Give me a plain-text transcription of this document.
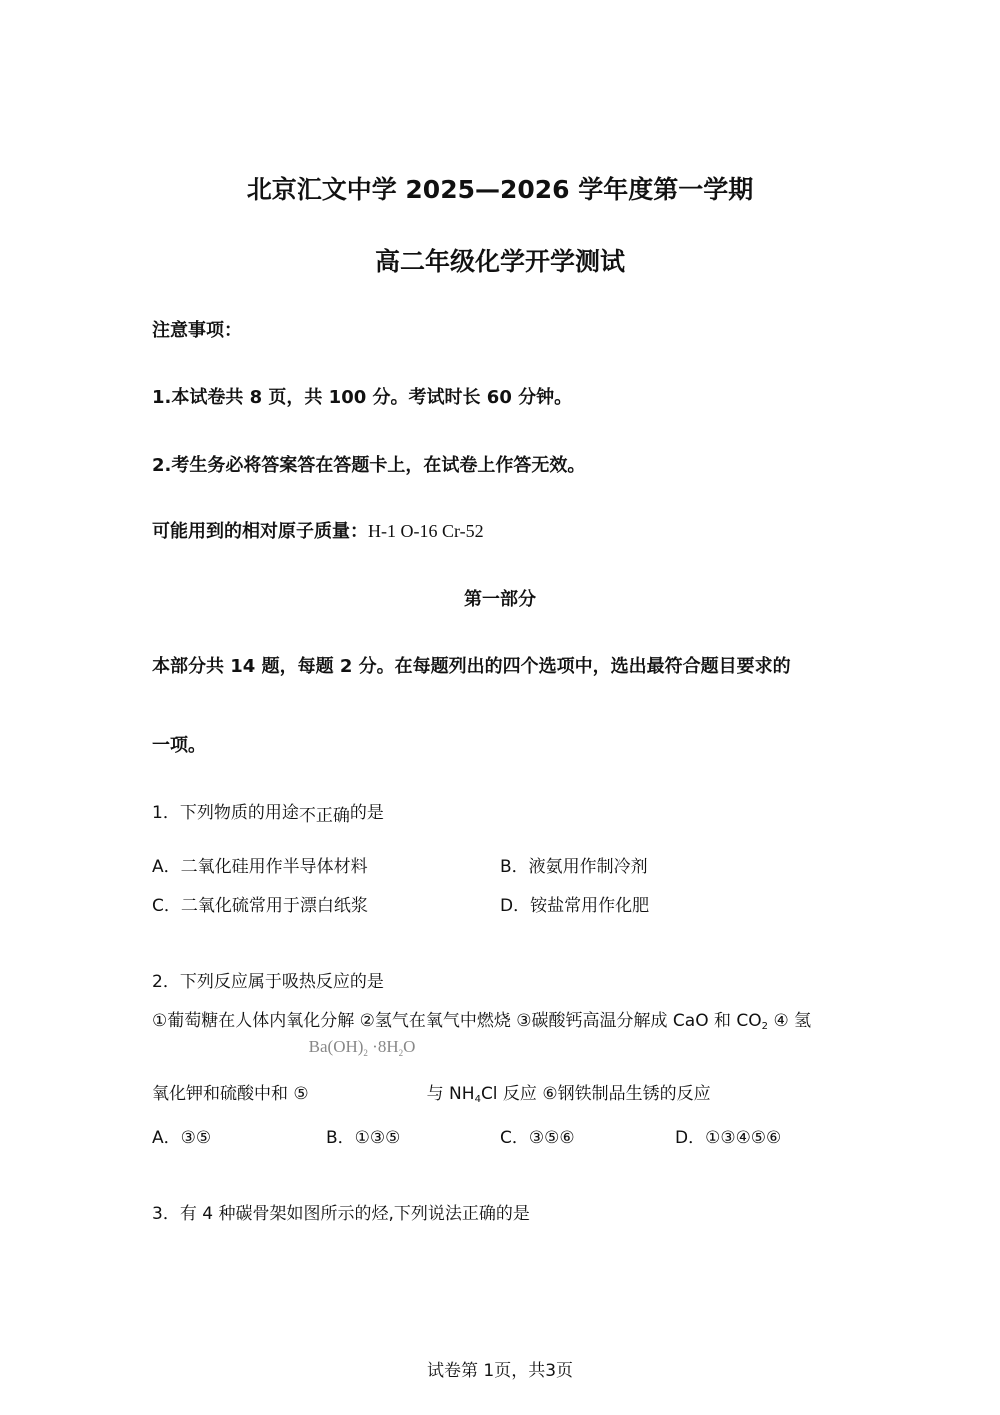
北京汇文中学 2025—2026 学年度第一学期
高二年级化学开学测试
注意事项：
1.本试卷共 8 页，共 100 分。考试时长 60 分钟。
2.考生务必将答案答在答题卡上，在试卷上作答无效。
可能用到的相对原子质量：H-1 O-16 Cr-52
第一部分
本部分共 14 题，每题 2 分。在每题列出的四个选项中，选出最符合题目要求的
一项。
1．下列物质的用途不正确的是
A．二氧化硅用作半导体材料	B．液氨用作制冷剂
C．二氧化硫常用于漂白纸浆	D．铵盐常用作化肥
2．下列反应属于吸热反应的是
①葡萄糖在人体内氧化分解 ②氢气在氧气中燃烧 ③碳酸钙高温分解成 CaO 和 $CO_2$ ④ 氢
氧化钾和硫酸中和 ⑤
$Ba(OH)_2 \cdot 8H_2O$
与 $NH_4Cl$ 反应 ⑥钢铁制品生锈的反应
A．③⑤	B．①③⑤	C．③⑤⑥	D．①③④⑤⑥
3．有 4 种碳骨架如图所示的烃,下列说法正确的是
试卷第 1页，共3页
